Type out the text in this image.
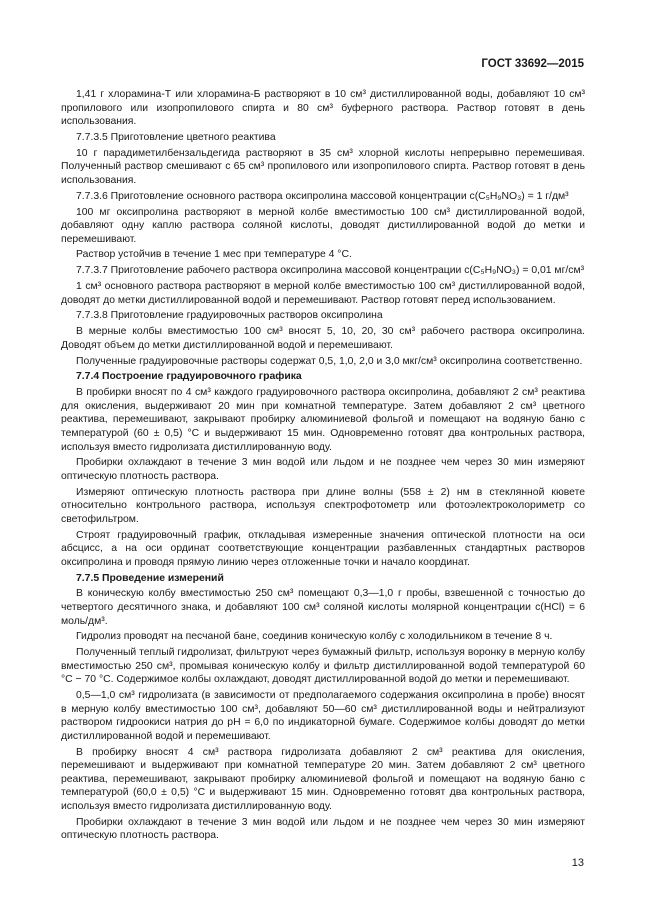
ГОСТ 33692—2015

1,41 г хлорамина-Т или хлорамина-Б растворяют в 10 см³ дистиллированной воды, добавляют 10 см³ пропилового или изопропилового спирта и 80 см³ буферного раствора. Раствор готовят в день использования.

7.7.3.5 Приготовление цветного реактива

10 г парадиметилбензальдегида растворяют в 35 см³ хлорной кислоты непрерывно перемешивая. Полученный раствор смешивают с 65 см³ пропилового или изопропилового спирта. Раствор готовят в день использования.

7.7.3.6 Приготовление основного раствора оксипролина массовой концентрации c(C₅H₉NO₃) = 1 г/дм³

100 мг оксипролина растворяют в мерной колбе вместимостью 100 см³ дистиллированной водой, добавляют одну каплю раствора соляной кислоты, доводят дистиллированной водой до метки и перемешивают.

Раствор устойчив в течение 1 мес при температуре 4 °С.

7.7.3.7 Приготовление рабочего раствора оксипролина массовой концентрации c(C₅H₉NO₃) = 0,01 мг/см³

1 см³ основного раствора растворяют в мерной колбе вместимостью 100 см³ дистиллированной водой, доводят до метки дистиллированной водой и перемешивают. Раствор готовят перед использованием.

7.7.3.8 Приготовление градуировочных растворов оксипролина

В мерные колбы вместимостью 100 см³ вносят 5, 10, 20, 30 см³ рабочего раствора оксипролина. Доводят объем до метки дистиллированной водой и перемешивают.

Полученные градуировочные растворы содержат 0,5, 1,0, 2,0 и 3,0 мкг/см³ оксипролина соответственно.

7.7.4 Построение градуировочного графика

В пробирки вносят по 4 см³ каждого градуировочного раствора оксипролина, добавляют 2 см³ реактива для окисления, выдерживают 20 мин при комнатной температуре. Затем добавляют 2 см³ цветного реактива, перемешивают, закрывают пробирку алюминиевой фольгой и помещают на водяную баню с температурой (60 ± 0,5) °С и выдерживают 15 мин. Одновременно готовят два контрольных раствора, используя вместо гидролизата дистиллированную воду.

Пробирки охлаждают в течение 3 мин водой или льдом и не позднее чем через 30 мин измеряют оптическую плотность раствора.

Измеряют оптическую плотность раствора при длине волны (558 ± 2) нм в стеклянной кювете относительно контрольного раствора, используя спектрофотометр или фотоэлектроколориметр со светофильтром.

Строят градуировочный график, откладывая измеренные значения оптической плотности на оси абсцисс, а на оси ординат соответствующие концентрации разбавленных стандартных растворов оксипролина и проводя прямую линию через отложенные точки и начало координат.

7.7.5 Проведение измерений

В коническую колбу вместимостью 250 см³ помещают 0,3—1,0 г пробы, взвешенной с точностью до четвертого десятичного знака, и добавляют 100 см³ соляной кислоты молярной концентрации c(HCl) = 6 моль/дм³.

Гидролиз проводят на песчаной бане, соединив коническую колбу с холодильником в течение 8 ч.

Полученный теплый гидролизат, фильтруют через бумажный фильтр, используя воронку в мерную колбу вместимостью 250 см³, промывая коническую колбу и фильтр дистиллированной водой температурой 60 °С − 70 °С. Содержимое колбы охлаждают, доводят дистиллированной водой до метки и перемешивают.

0,5—1,0 см³ гидролизата (в зависимости от предполагаемого содержания оксипролина в пробе) вносят в мерную колбу вместимостью 100 см³, добавляют 50—60 см³ дистиллированной воды и нейтрализуют раствором гидроокиси натрия до pH = 6,0 по индикаторной бумаге. Содержимое колбы доводят до метки дистиллированной водой и перемешивают.

В пробирку вносят 4 см³ раствора гидролизата добавляют 2 см³ реактива для окисления, перемешивают и выдерживают при комнатной температуре 20 мин. Затем добавляют 2 см³ цветного реактива, перемешивают, закрывают пробирку алюминиевой фольгой и помещают на водяную баню с температурой (60,0 ± 0,5) °С и выдерживают 15 мин. Одновременно готовят два контрольных раствора, используя вместо гидролизата дистиллированную воду.

Пробирки охлаждают в течение 3 мин водой или льдом и не позднее чем через 30 мин измеряют оптическую плотность раствора.

13
